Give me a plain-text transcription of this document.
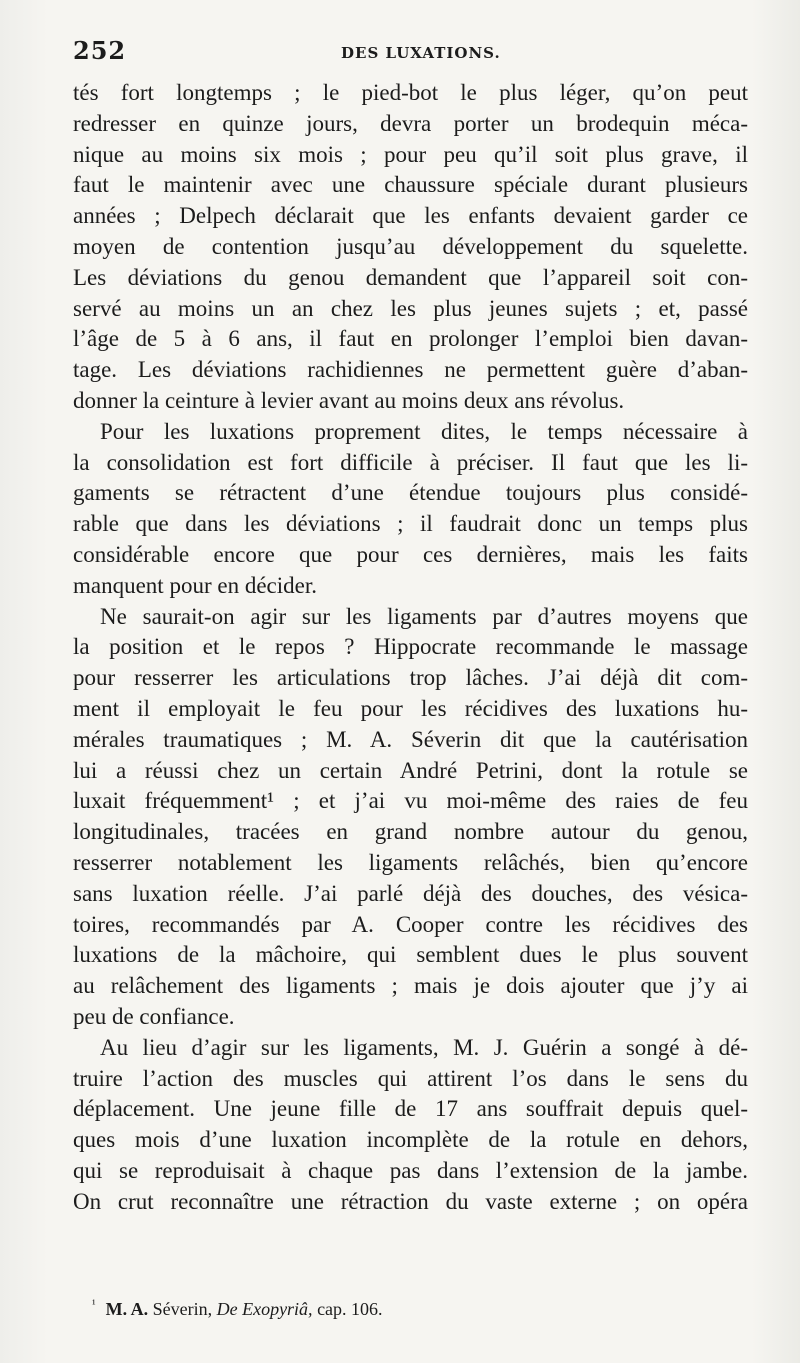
252	DES LUXATIONS.
tés fort longtemps ; le pied-bot le plus léger, qu’on peut
redresser en quinze jours, devra porter un brodequin méca-
nique au moins six mois ; pour peu qu’il soit plus grave, il
faut le maintenir avec une chaussure spéciale durant plusieurs
années ; Delpech déclarait que les enfants devaient garder ce
moyen de contention jusqu’au développement du squelette.
Les déviations du genou demandent que l’appareil soit con-
servé au moins un an chez les plus jeunes sujets ; et, passé
l’âge de 5 à 6 ans, il faut en prolonger l’emploi bien davan-
tage. Les déviations rachidiennes ne permettent guère d’aban-
donner la ceinture à levier avant au moins deux ans révolus.
Pour les luxations proprement dites, le temps nécessaire à
la consolidation est fort difficile à préciser. Il faut que les li-
gaments se rétractent d’une étendue toujours plus considé-
rable que dans les déviations ; il faudrait donc un temps plus
considérable encore que pour ces dernières, mais les faits
manquent pour en décider.
Ne saurait-on agir sur les ligaments par d’autres moyens que
la position et le repos ? Hippocrate recommande le massage
pour resserrer les articulations trop lâches. J’ai déjà dit com-
ment il employait le feu pour les récidives des luxations hu-
mérales traumatiques ; M. A. Séverin dit que la cautérisation
lui a réussi chez un certain André Petrini, dont la rotule se
luxait fréquemment¹ ; et j’ai vu moi-même des raies de feu
longitudinales, tracées en grand nombre autour du genou,
resserrer notablement les ligaments relâchés, bien qu’encore
sans luxation réelle. J’ai parlé déjà des douches, des vésica-
toires, recommandés par A. Cooper contre les récidives des
luxations de la mâchoire, qui semblent dues le plus souvent
au relâchement des ligaments ; mais je dois ajouter que j’y ai
peu de confiance.
Au lieu d’agir sur les ligaments, M. J. Guérin a songé à dé-
truire l’action des muscles qui attirent l’os dans le sens du
déplacement. Une jeune fille de 17 ans souffrait depuis quel-
ques mois d’une luxation incomplète de la rotule en dehors,
qui se reproduisait à chaque pas dans l’extension de la jambe.
On crut reconnaître une rétraction du vaste externe ; on opéra
$^{^1}$ M. A. Séverin, De Exopyriâ, cap. 106.
